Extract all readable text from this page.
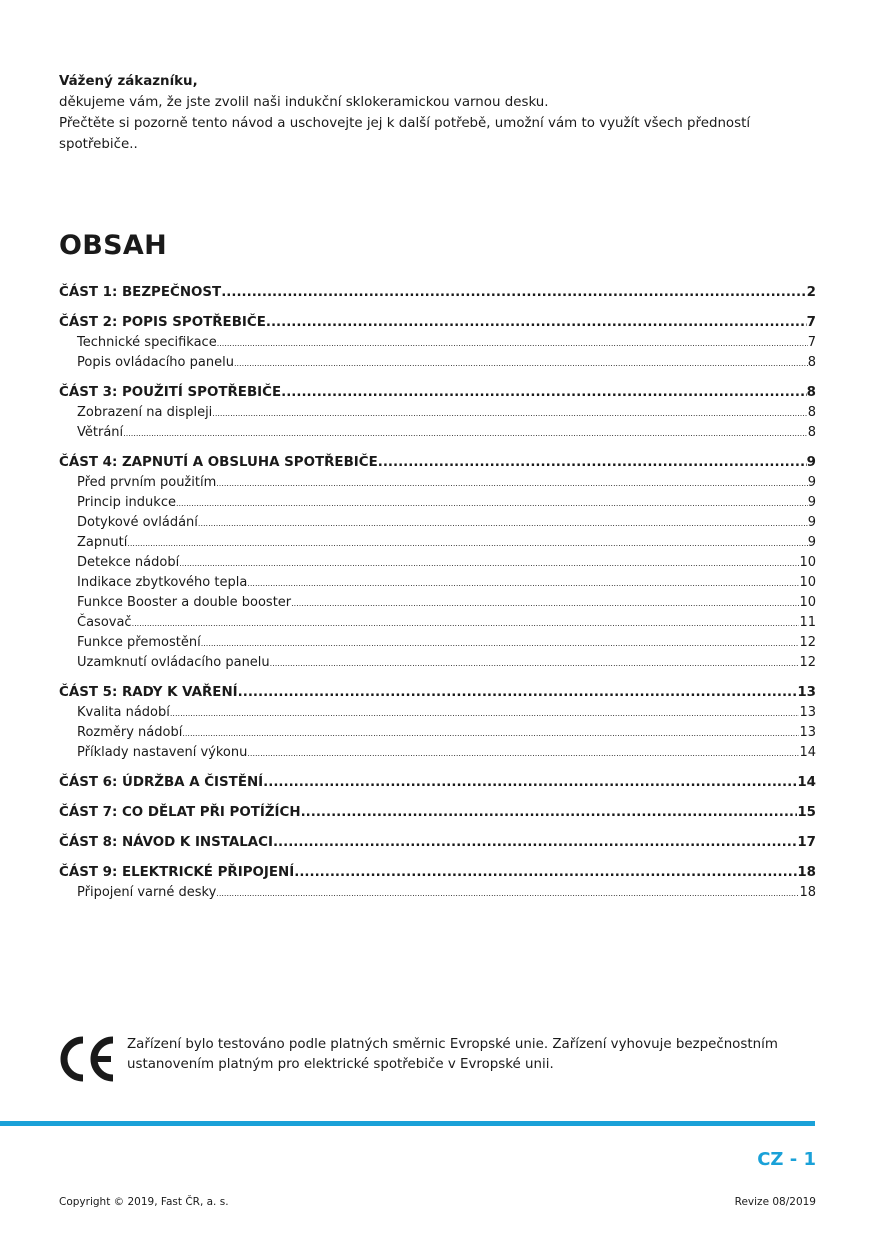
Vážený zákazníku,

děkujeme vám, že jste zvolil naši indukční sklokeramickou varnou desku.

Přečtěte si pozorně tento návod a uschovejte jej k další potřebě, umožní vám to využít všech předností spotřebiče..

OBSAH
ČÁST 1: BEZPEČNOST .....	2
ČÁST 2: POPIS SPOTŘEBIČE .....	7
Technické specifikace .....	7
Popis ovládacího panelu .....	8
ČÁST 3: POUŽITÍ SPOTŘEBIČE .....	8
Zobrazení na displeji .....	8
Větrání .....	8
ČÁST 4: ZAPNUTÍ A OBSLUHA SPOTŘEBIČE .....	9
Před prvním použitím .....	9
Princip indukce .....	9
Dotykové ovládání .....	9
Zapnutí .....	9
Detekce nádobí .....	10
Indikace zbytkového tepla .....	10
Funkce Booster a double booster .....	10
Časovač .....	11
Funkce přemostění .....	12
Uzamknutí ovládacího panelu .....	12
ČÁST 5: RADY K VAŘENÍ .....	13
Kvalita nádobí .....	13
Rozměry nádobí .....	13
Příklady nastavení výkonu .....	14
ČÁST 6: ÚDRŽBA A ČISTĚNÍ .....	14
ČÁST 7: CO DĚLAT PŘI POTÍŽÍCH .....	15
ČÁST 8: NÁVOD K INSTALACI .....	17
ČÁST 9: ELEKTRICKÉ PŘIPOJENÍ .....	18
Připojení varné desky .....	18

Zařízení bylo testováno podle platných směrnic Evropské unie. Zařízení vyhovuje bezpečnostním

ustanovením platným pro elektrické spotřebiče v Evropské unii.

CZ - 1
Copyright © 2019, Fast ČR, a. s.	Revize 08/2019
